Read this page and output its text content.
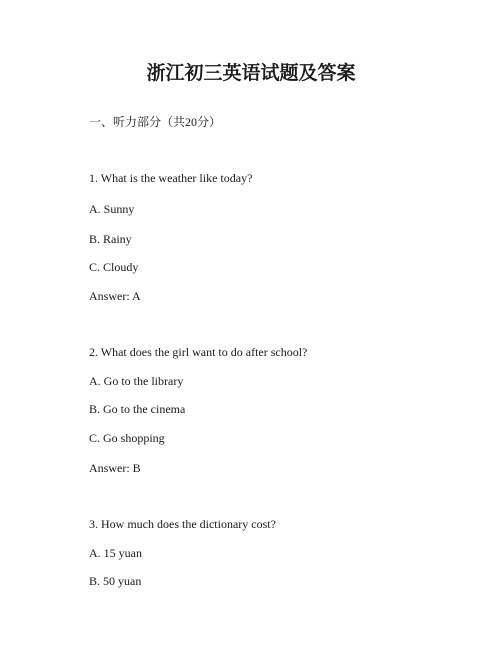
浙江初三英语试题及答案
一、听力部分（共20分）
1. What is the weather like today?
A. Sunny
B. Rainy
C. Cloudy
Answer: A
2. What does the girl want to do after school?
A. Go to the library
B. Go to the cinema
C. Go shopping
Answer: B
3. How much does the dictionary cost?
A. 15 yuan
B. 50 yuan
